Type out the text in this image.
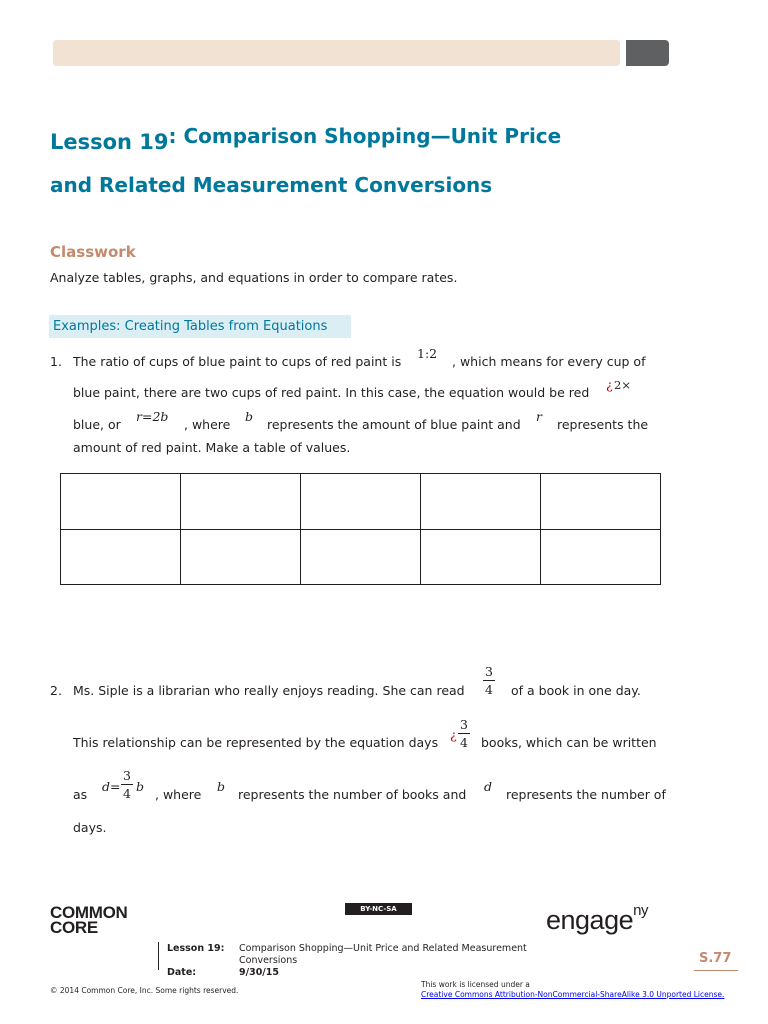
Lesson 19: Comparison Shopping—Unit Price
and Related Measurement Conversions
Classwork
Analyze tables, graphs, and equations in order to compare rates.
Examples: Creating Tables from Equations
1. The ratio of cups of blue paint to cups of red paint is
1:2
, which means for every cup of
blue paint, there are two cups of red paint. In this case, the equation would be red
¿ 2×
blue, or
r=2b
, where
b
represents the amount of blue paint and
r
represents the
amount of red paint. Make a table of values.

2. Ms. Siple is a librarian who really enjoys reading. She can read
3
4 of a book in one day.
This relationship can be represented by the equation days
¿
3
4 books, which can be written
as
d=
3
4 b
, where
b
represents the number of books and
d
represents the number of
days.
COMMON
CORE
BY-NC-SA	engage$^{ny}$
Lesson 19: Comparison Shopping—Unit Price and Related Measurement
Conversions
Date:	9/30/15
S.77
© 2014 Common Core, Inc. Some rights reserved.
This work is licensed under a
Creative Commons Attribution-NonCommercial-ShareAlike 3.0 Unported License.
